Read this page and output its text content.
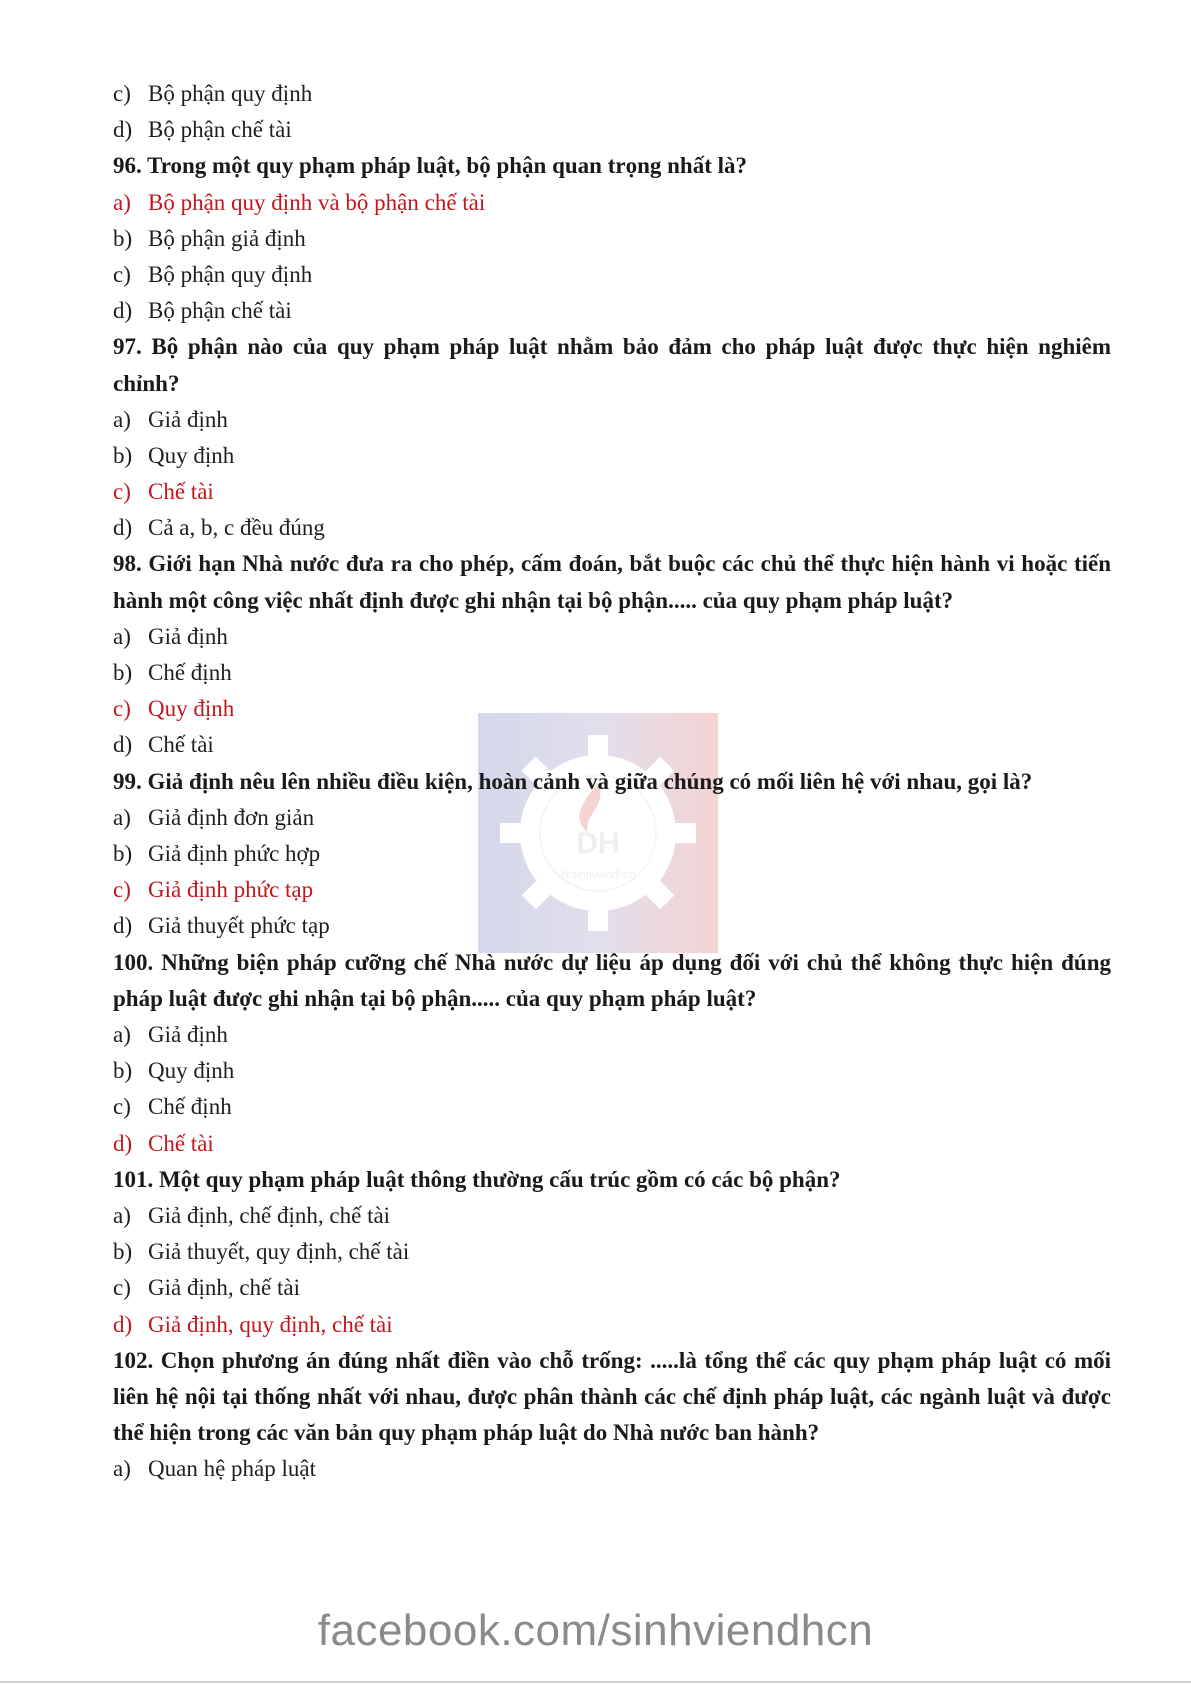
DH
@sinhviendhcn
c) Bộ phận quy định
d) Bộ phận chế tài
96. Trong một quy phạm pháp luật, bộ phận quan trọng nhất là?
a) Bộ phận quy định và bộ phận chế tài
b) Bộ phận giả định
c) Bộ phận quy định
d) Bộ phận chế tài
97. Bộ phận nào của quy phạm pháp luật nhằm bảo đảm cho pháp luật được thực hiện nghiêm chỉnh?
a) Giả định
b) Quy định
c) Chế tài
d) Cả a, b, c đều đúng
98. Giới hạn Nhà nước đưa ra cho phép, cấm đoán, bắt buộc các chủ thể thực hiện hành vi hoặc tiến hành một công việc nhất định được ghi nhận tại bộ phận..... của quy phạm pháp luật?
a) Giả định
b) Chế định
c) Quy định
d) Chế tài
99. Giả định nêu lên nhiều điều kiện, hoàn cảnh và giữa chúng có mối liên hệ với nhau, gọi là?
a) Giả định đơn giản
b) Giả định phức hợp
c) Giả định phức tạp
d) Giả thuyết phức tạp
100. Những biện pháp cưỡng chế Nhà nước dự liệu áp dụng đối với chủ thể không thực hiện đúng pháp luật được ghi nhận tại bộ phận..... của quy phạm pháp luật?
a) Giả định
b) Quy định
c) Chế định
d) Chế tài
101. Một quy phạm pháp luật thông thường cấu trúc gồm có các bộ phận?
a) Giả định, chế định, chế tài
b) Giả thuyết, quy định, chế tài
c) Giả định, chế tài
d) Giả định, quy định, chế tài
102. Chọn phương án đúng nhất điền vào chỗ trống: .....là tổng thể các quy phạm pháp luật có mối liên hệ nội tại thống nhất với nhau, được phân thành các chế định pháp luật, các ngành luật và được thể hiện trong các văn bản quy phạm pháp luật do Nhà nước ban hành?
a) Quan hệ pháp luật
facebook.com/sinhviendhcn
